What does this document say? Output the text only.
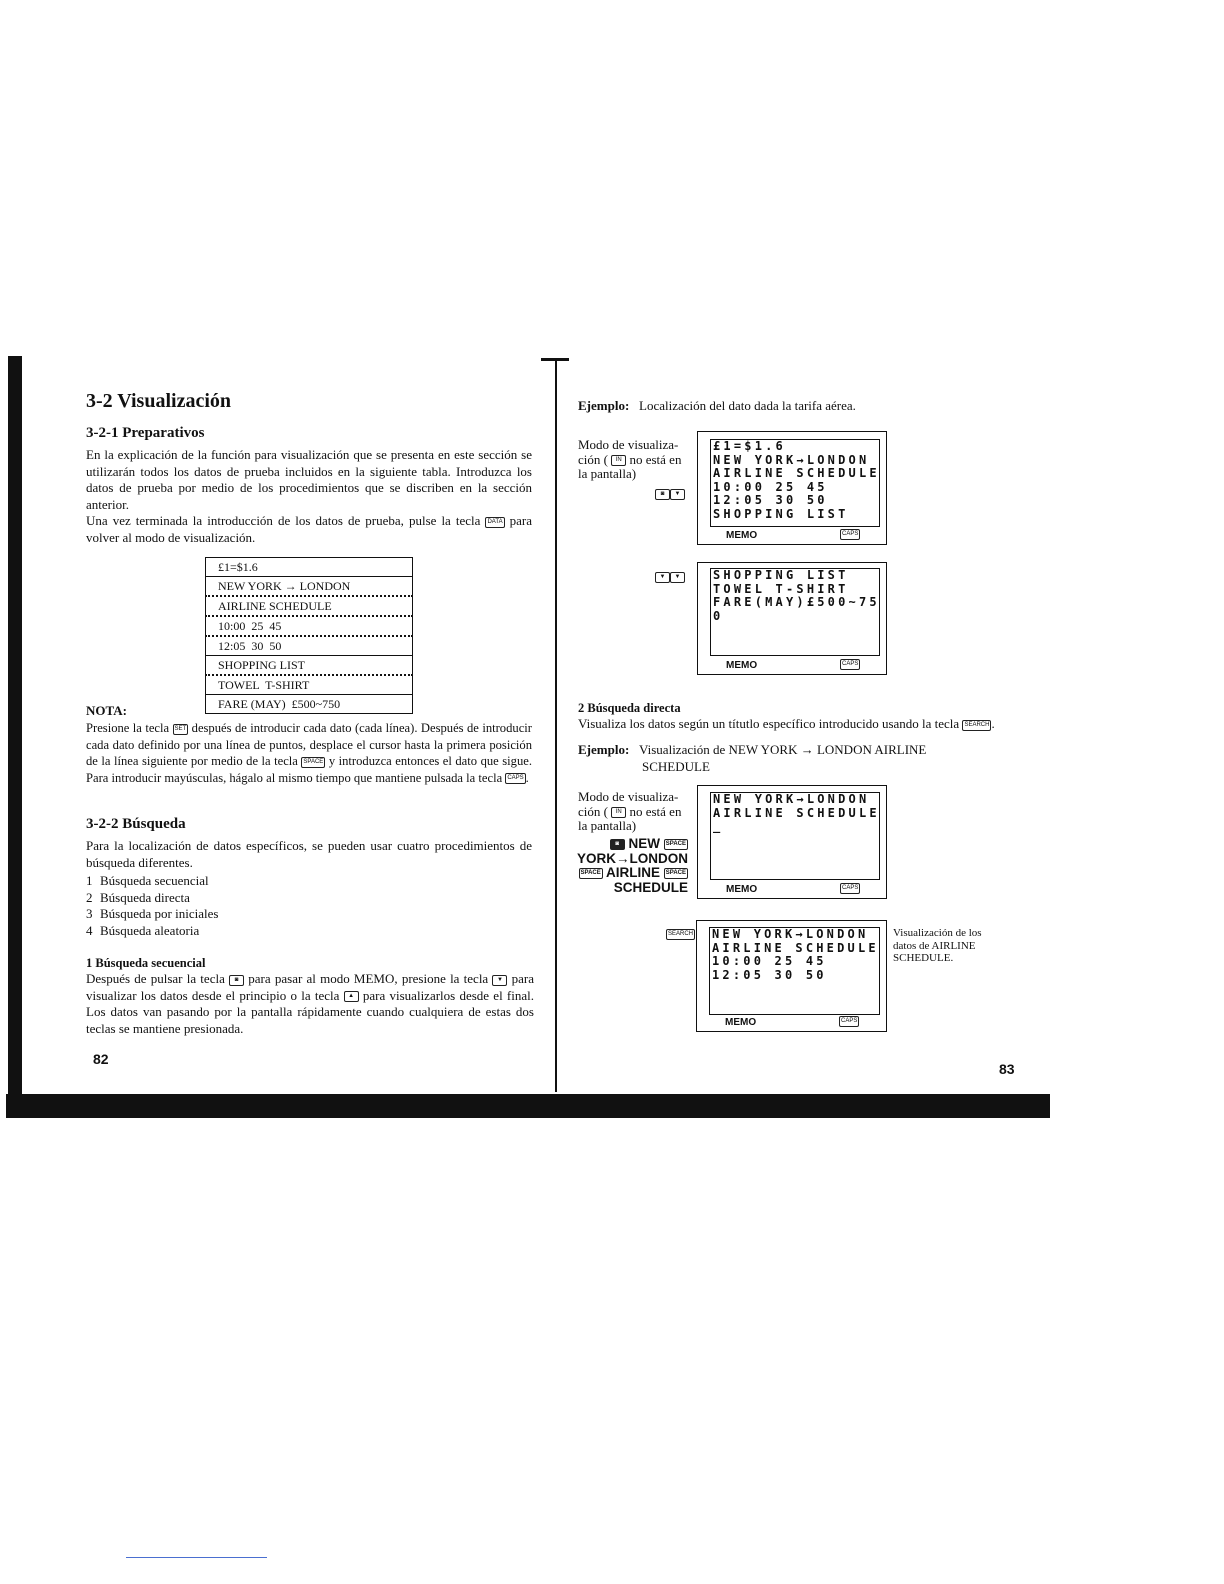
3-2 Visualización
3-2-1 Preparativos

En la explicación de la función para visualización que se presenta en este sección se utilizarán todos los datos de prueba incluidos en la siguiente tabla. Introduzca los datos de prueba por medio de los procedimientos que se discriben en la sección anterior.

Una vez terminada la introducción de los datos de prueba, pulse la tecla DATA para volver al modo de visualización.

£1=$1.6
NEW YORK → LONDON
AIRLINE SCHEDULE
10:00  25  45
12:05  30  50
SHOPPING LIST
TOWEL  T-SHIRT
FARE (MAY)  £500~750
NOTA:
Presione la tecla SET después de introducir cada dato (cada línea). Después de introducir cada dato definido por una línea de puntos, desplace el cursor hasta la primera posición de la línea siguiente por medio de la tecla SPACE y introduzca entonces el dato que sigue. Para introducir mayúsculas, hágalo al mismo tiempo que mantiene pulsada la tecla CAPS .
3-2-2 Búsqueda
Para la localización de datos específicos, se pueden usar cuatro procedimientos de búsqueda diferentes.
1 Búsqueda secuencial
2 Búsqueda directa
3 Búsqueda por iniciales
4 Búsqueda aleatoria
1 Búsqueda secuencial
Después de pulsar la tecla ◙ para pasar al modo MEMO, presione la tecla ▼ para visualizar los datos desde el principio o la tecla ▲ para visualizarlos desde el final. Los datos van pasando por la pantalla rápidamente cuando cualquiera de estas dos teclas se mantiene presionada.
82
Ejemplo: Localización del dato dada la tarifa aérea.
Modo de visualiza-
ción ( IN no está en
la pantalla)
◙ ▼
£1=$1.6
NEW YORK→LONDON
AIRLINE SCHEDULE
10:00 25 45
12:05 30 50
SHOPPING LIST
MEMO	CAPS
▼ ▼	SHOPPING LIST
TOWEL T-SHIRT
FARE(MAY)£500~75
0
MEMO	CAPS
2 Búsqueda directa
Visualiza los datos según un títutlo específico introducido usando la tecla SEARCH .
Ejemplo: Visualización de NEW YORK → LONDON AIRLINE
SCHEDULE
Modo de visualiza-
ción ( IN no está en
la pantalla)
◙ NEW SPACE
YORK→LONDON
SPACE AIRLINE SPACE
SCHEDULE
NEW YORK→LONDON
AIRLINE SCHEDULE
_
MEMO	CAPS
SEARCH NEW YORK→LONDON
AIRLINE SCHEDULE
10:00 25 45
12:05 30 50
MEMO	CAPS
Visualización de los
datos de AIRLINE
SCHEDULE.
83
